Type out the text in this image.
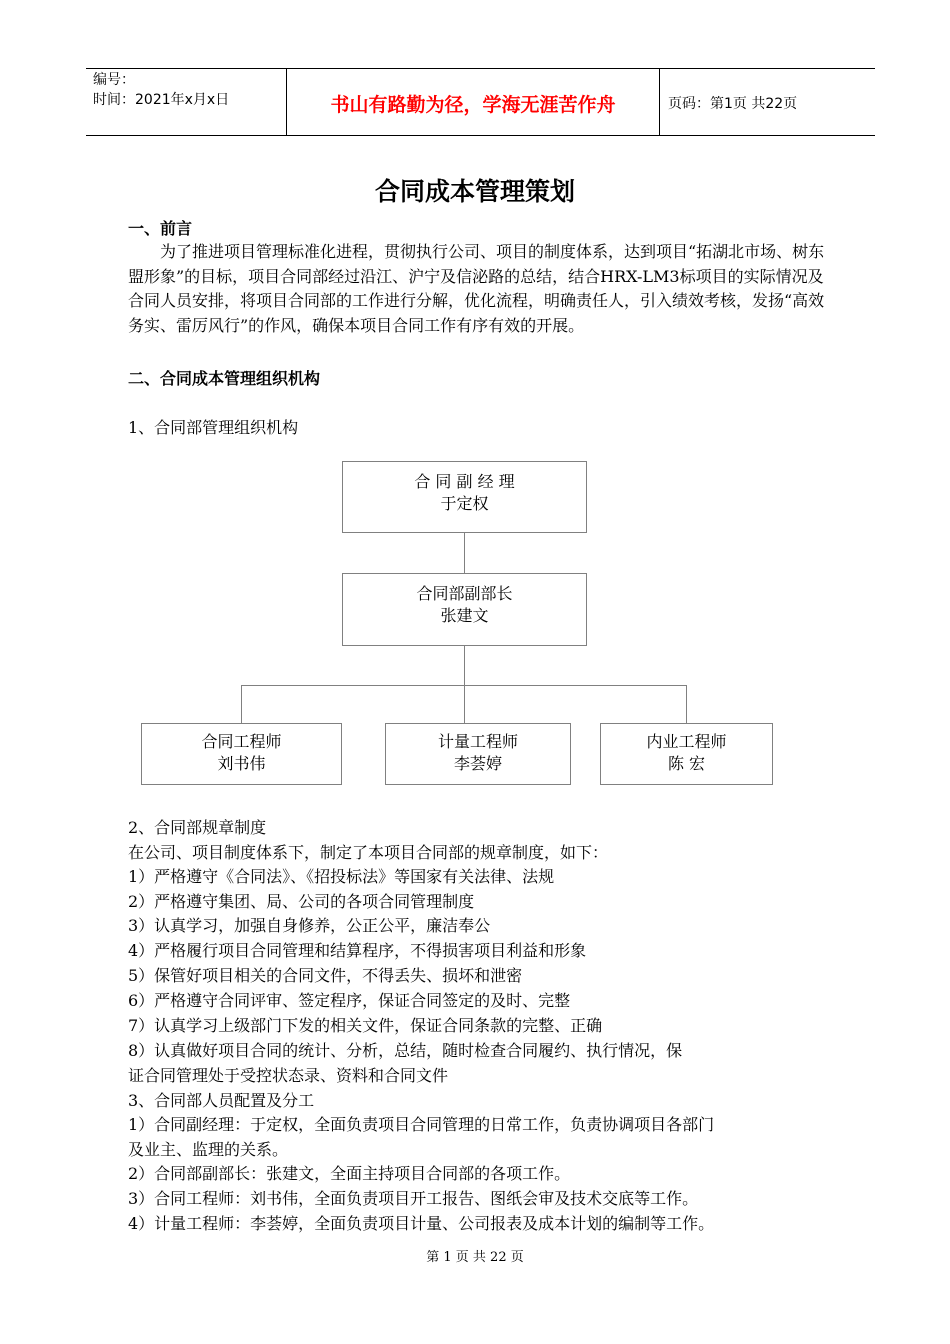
编号：
时间：2021年x月x日	书山有路勤为径，学海无涯苦作舟	页码：第1页 共22页
合同成本管理策划
一、前言

为了推进项目管理标准化进程，贯彻执行公司、项目的制度体系，达到项目“拓湖北市场、树东盟形象”的目标，项目合同部经过沿江、沪宁及信泌路的总结，结合HRX-LM3标项目的实际情况及合同人员安排，将项目合同部的工作进行分解，优化流程，明确责任人，引入绩效考核，发扬“高效务实、雷厉风行”的作风，确保本项目合同工作有序有效的开展。

二、合同成本管理组织机构
1、合同部管理组织机构
合 同 副 经 理
于定权
合同部副部长
张建文
合同工程师
刘书伟
计量工程师
李荟婷
内业工程师
陈 宏
2、合同部规章制度
在公司、项目制度体系下，制定了本项目合同部的规章制度，如下：
1）严格遵守《合同法》、《招投标法》等国家有关法律、法规
2）严格遵守集团、局、公司的各项合同管理制度
3）认真学习，加强自身修养，公正公平，廉洁奉公
4）严格履行项目合同管理和结算程序，不得损害项目利益和形象
5）保管好项目相关的合同文件，不得丢失、损坏和泄密
6）严格遵守合同评审、签定程序，保证合同签定的及时、完整
7）认真学习上级部门下发的相关文件，保证合同条款的完整、正确
8）认真做好项目合同的统计、分析，总结，随时检查合同履约、执行情况，保
证合同管理处于受控状态录、资料和合同文件
3、合同部人员配置及分工
1）合同副经理：于定权，全面负责项目合同管理的日常工作，负责协调项目各部门
及业主、监理的关系。
2）合同部副部长：张建文，全面主持项目合同部的各项工作。
3）合同工程师：刘书伟，全面负责项目开工报告、图纸会审及技术交底等工作。
4）计量工程师：李荟婷，全面负责项目计量、公司报表及成本计划的编制等工作。
第 1 页 共 22 页
